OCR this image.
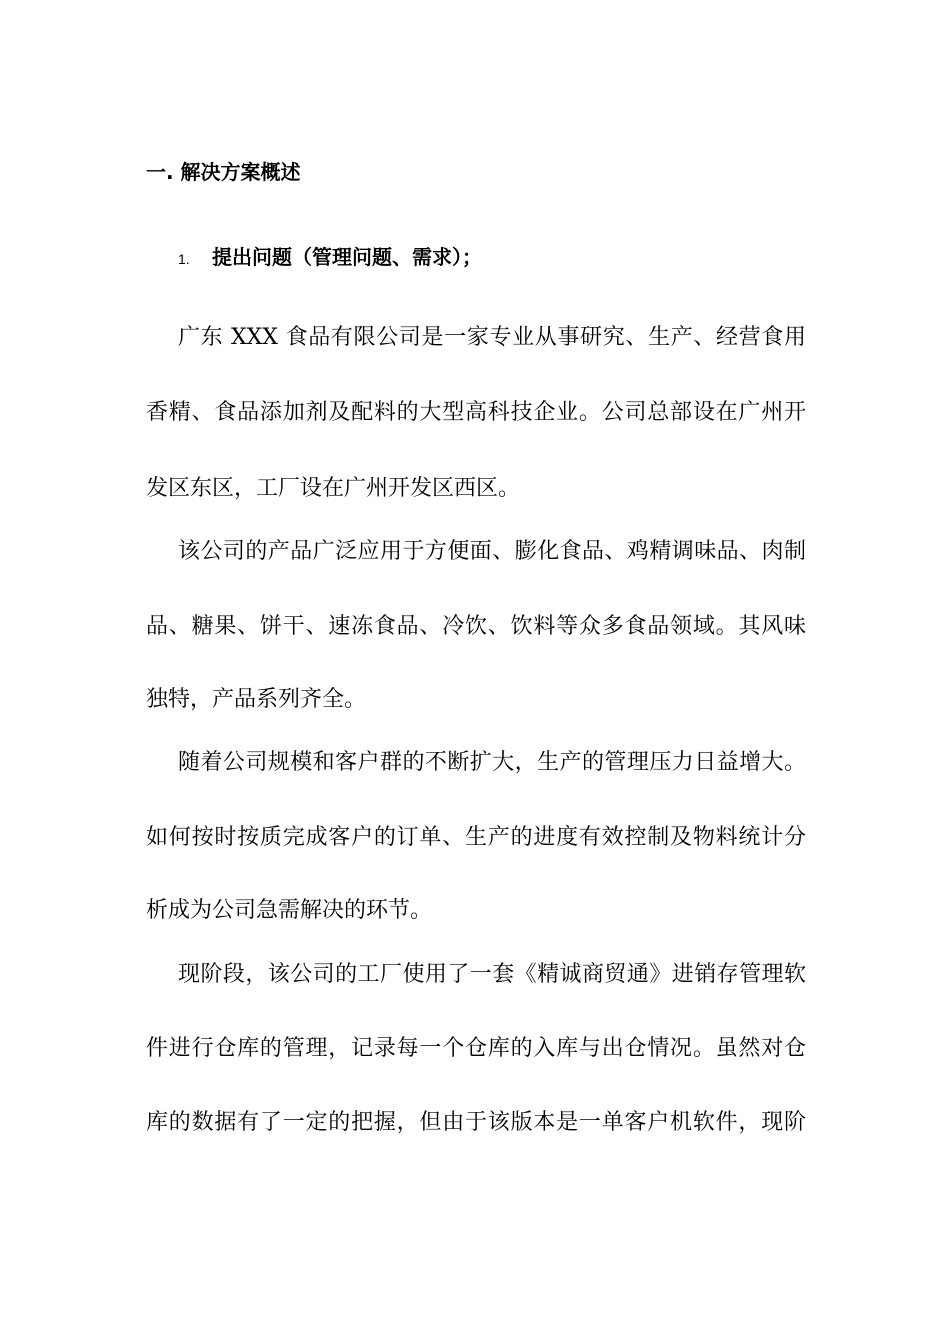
一. 解决方案概述
1. 提出问题（管理问题、需求）；
广东 XXX 食品有限公司是一家专业从事研究、生产、经营食用
香精、食品添加剂及配料的大型高科技企业。公司总部设在广州开
发区东区，工厂设在广州开发区西区。
该公司的产品广泛应用于方便面、膨化食品、鸡精调味品、肉制
品、糖果、饼干、速冻食品、冷饮、饮料等众多食品领域。其风味
独特，产品系列齐全。
随着公司规模和客户群的不断扩大，生产的管理压力日益增大。
如何按时按质完成客户的订单、生产的进度有效控制及物料统计分
析成为公司急需解决的环节。
现阶段，该公司的工厂使用了一套《精诚商贸通》进销存管理软
件进行仓库的管理，记录每一个仓库的入库与出仓情况。虽然对仓
库的数据有了一定的把握，但由于该版本是一单客户机软件，现阶
